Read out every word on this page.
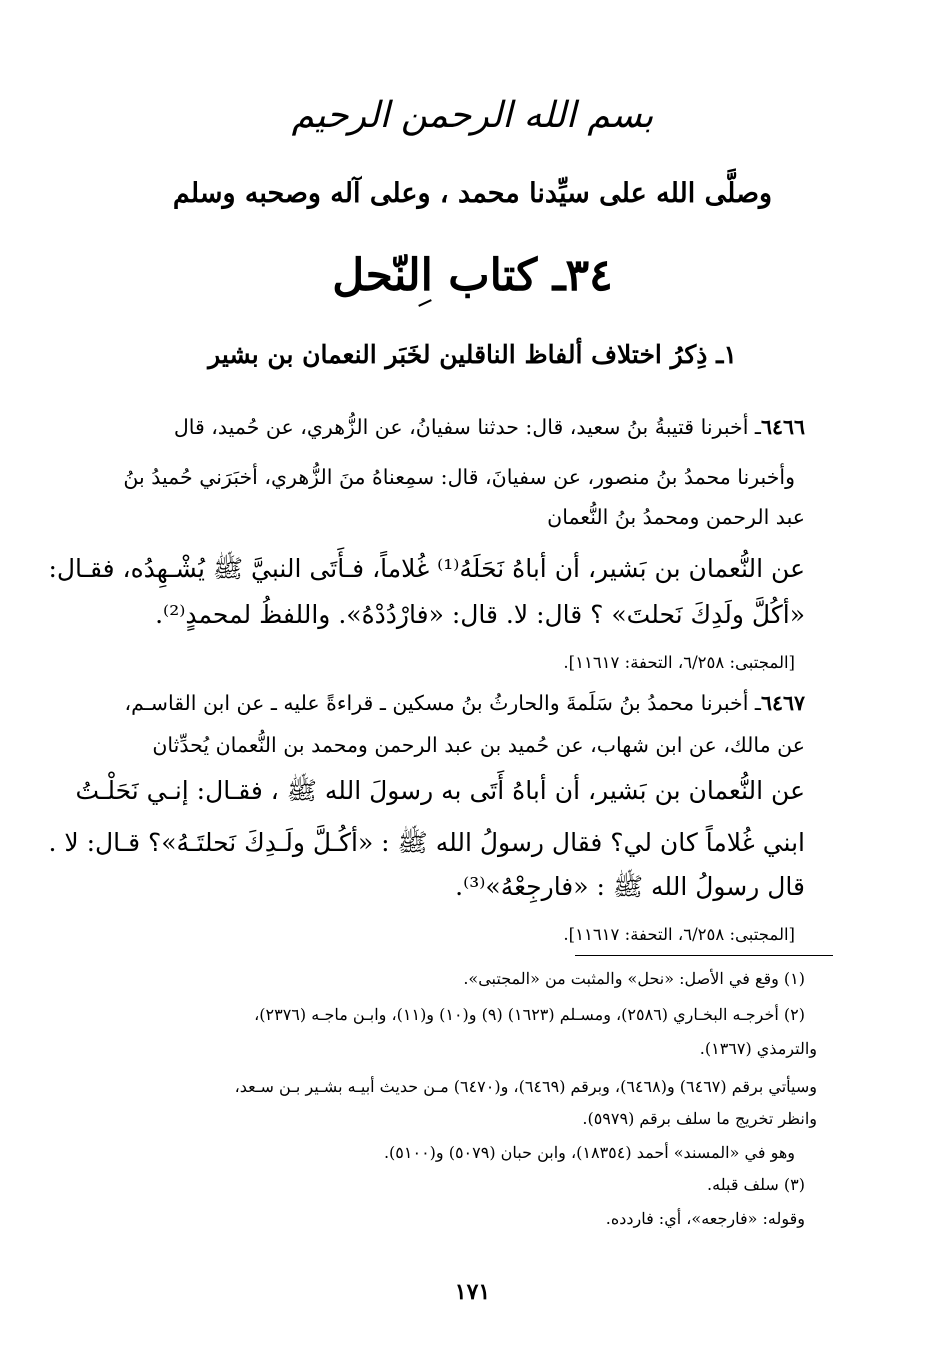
بسم الله الرحمن الرحيم
وصلَّى الله على سيِّدنا محمد ، وعلى آله وصحبه وسلم
٣٤ـ كتاب النّحل
١ـ ذِكرُ اختلاف ألفاظ الناقلين لخَبَر النعمان بن بشير
٦٤٦٦ـ أخبرنا قتيبةُ بنُ سعيد، قال: حدثنا سفيانُ، عن الزُّهري، عن حُميد، قال
وأخبرنا محمدُ بنُ منصور، عن سفيانَ، قال: سمِعناهُ منَ الزُّهري، أخبَرَني حُميدُ بنُ
عبد الرحمن ومحمدُ بنُ النُّعمان
عن النُّعمان بن بَشير، أن أباهُ نَحَلَهُ⁽¹⁾ غُلاماً، فـأَتَى النبيَّ ﷺ يُشْـهِدُه، فقـال:
«أكُلَّ ولَدِكَ نَحلتَ» ؟ قال: لا. قال: «فارْدُدْهُ». واللفظُ لمحمدٍ⁽²⁾.
[المجتبى: ٦/٢٥٨، التحفة: ١١٦١٧].
٦٤٦٧ـ أخبرنا محمدُ بنُ سَلَمةَ والحارثُ بنُ مسكين ـ قراءةً عليه ـ عن ابن القاسـم،
عن مالك، عن ابن شهاب، عن حُميد بن عبد الرحمن ومحمد بن النُّعمان يُحدِّثان
عن النُّعمان بن بَشير، أن أباهُ أَتَى به رسولَ الله ﷺ ، فقـال: إنـي نَحَلْـتُ
ابني غُلاماً كان لي؟ فقال رسولُ الله ﷺ : «أكُـلَّ ولَـدِكَ نَحلتَـهُ»؟ قـال: لا .
قال رسولُ الله ﷺ : «فارجِعْهُ»⁽³⁾.
[المجتبى: ٦/٢٥٨، التحفة: ١١٦١٧].
(١) وقع في الأصل: «نحل» والمثبت من «المجتبى».
(٢) أخرجـه البخـاري (٢٥٨٦)، ومسـلم (١٦٢٣) (٩) و(١٠) و(١١)، وابـن ماجـه (٢٣٧٦)،
والترمذي (١٣٦٧).
وسيأتي برقم (٦٤٦٧) و(٦٤٦٨)، وبرقم (٦٤٦٩)، و(٦٤٧٠) مـن حديث أبيـه بشـير بـن سـعد،
وانظر تخريج ما سلف برقم (٥٩٧٩).
وهو في «المسند» أحمد (١٨٣٥٤)، وابن حبان (٥٠٧٩) و(٥١٠٠).
(٣) سلف قبله.
وقوله: «فارجعه»، أي: فاردده.
١٧١
